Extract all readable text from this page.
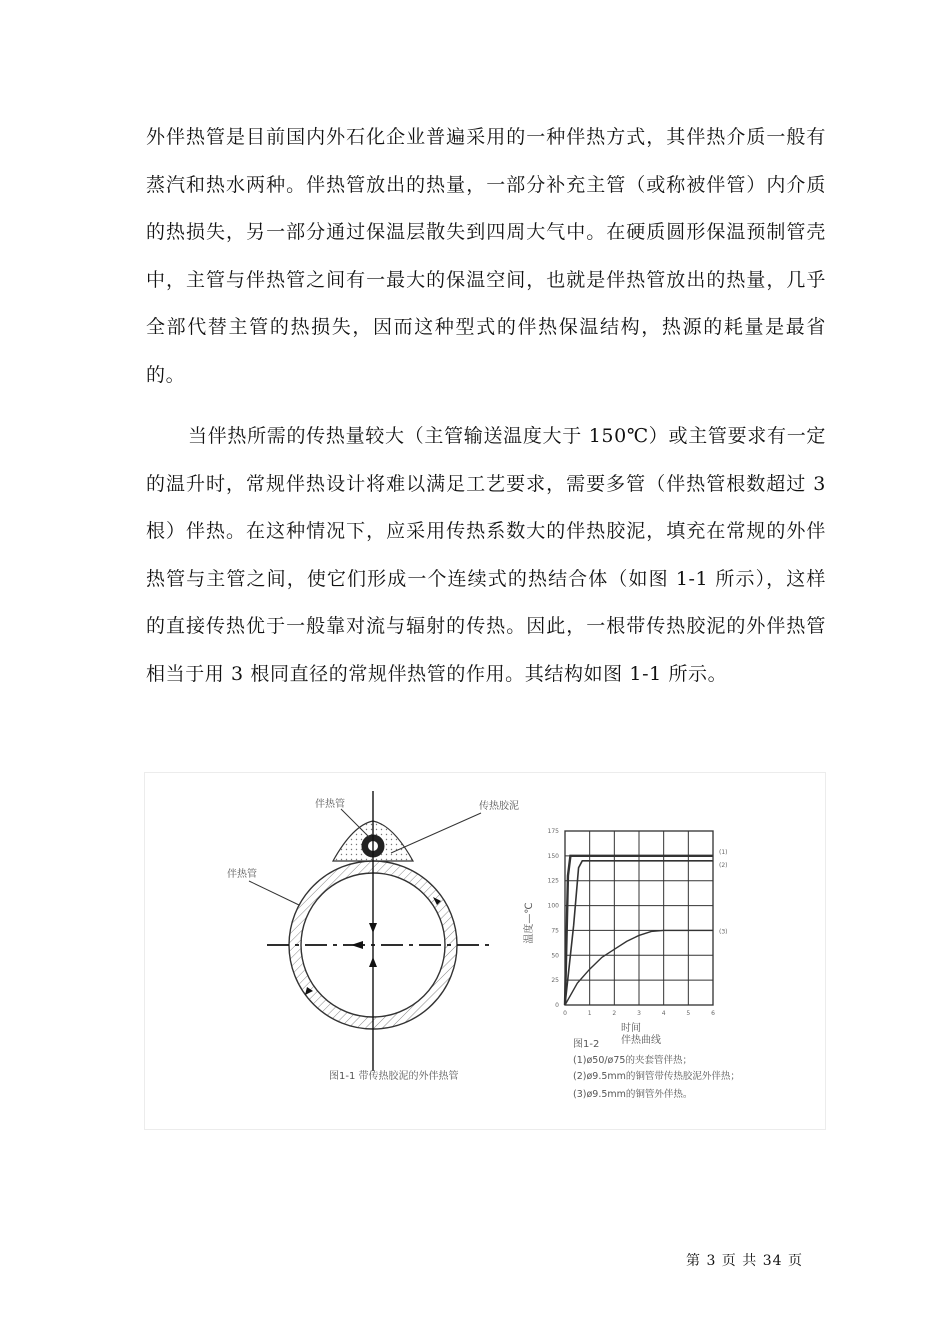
外伴热管是目前国内外石化企业普遍采用的一种伴热方式，其伴热介质一般有蒸汽和热水两种。伴热管放出的热量，一部分补充主管（或称被伴管）内介质的热损失，另一部分通过保温层散失到四周大气中。在硬质圆形保温预制管壳中，主管与伴热管之间有一最大的保温空间，也就是伴热管放出的热量，几乎全部代替主管的热损失，因而这种型式的伴热保温结构，热源的耗量是最省的。

当伴热所需的传热量较大（主管输送温度大于 150℃）或主管要求有一定的温升时，常规伴热设计将难以满足工艺要求，需要多管（伴热管根数超过 3 根）伴热。在这种情况下，应采用传热系数大的伴热胶泥，填充在常规的外伴热管与主管之间，使它们形成一个连续式的热结合体（如图 1-1 所示），这样的直接传热优于一般靠对流与辐射的传热。因此，一根带传热胶泥的外伴热管相当于用 3 根同直径的常规伴热管的作用。其结构如图 1-1 所示。

伴热管
伴热管
传热胶泥
图1-1 带传热胶泥的外伴热管
温度—℃
时间
图1-2 伴热曲线
(1)ø50/ø75的夹套管伴热；
(2)ø9.5mm的铜管带传热胶泥外伴热；
(3)ø9.5mm的铜管外伴热。
0	1	2	3	4	5	6
0
25
50
75
100
125
150
175
(1)
(2)
(3)
第 3 页 共 34 页
